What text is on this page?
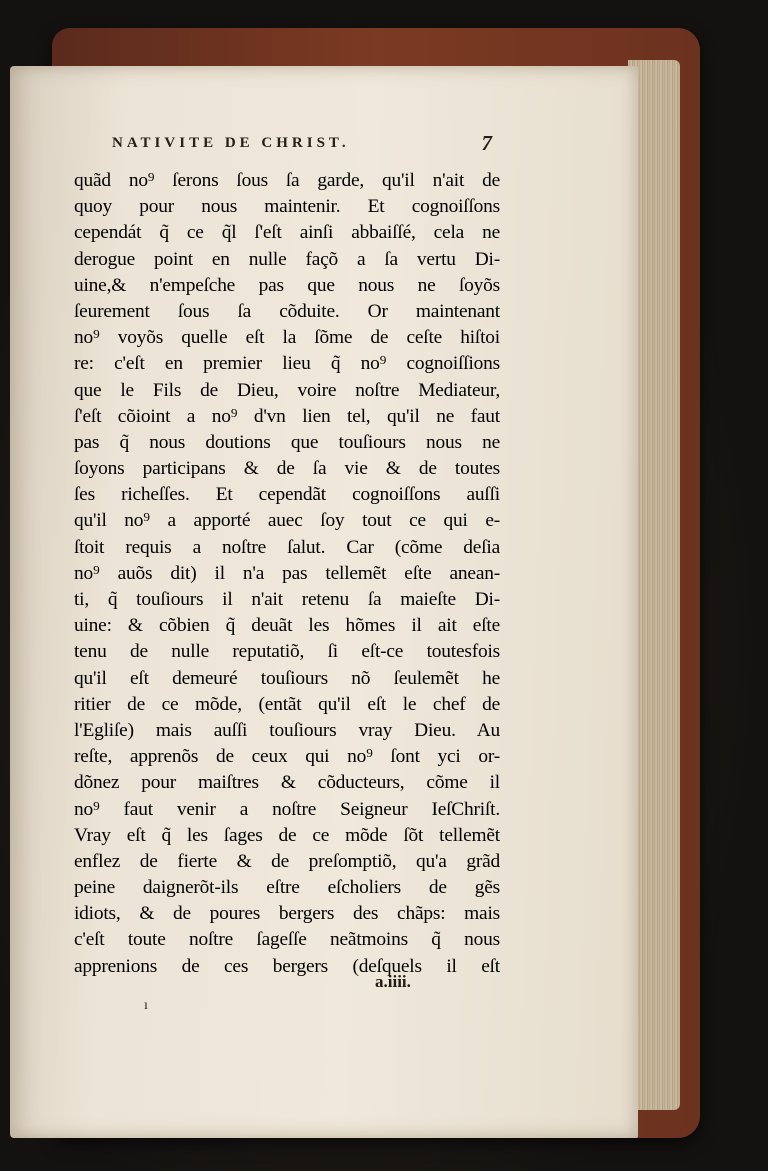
NATIVITE DE CHRIST.	7
quãd no⁹ ſerons ſous ſa garde, qu'il n'ait de
quoy pour nous maintenir. Et cognoiſſons
cependát q̃ ce q̃l ſ'eſt ainſi abbaiſſé, cela ne
derogue point en nulle façõ a ſa vertu Di-
uine,& n'empeſche pas que nous ne ſoyõs
ſeurement ſous ſa cõduite. Or maintenant
no⁹ voyõs quelle eſt la ſõme de ceſte hiſtoi
re: c'eſt en premier lieu q̃ no⁹ cognoiſſions
que le Fils de Dieu, voire noſtre Mediateur,
ſ'eſt cõioint a no⁹ d'vn lien tel, qu'il ne faut
pas q̃ nous doutions que touſiours nous ne
ſoyons participans & de ſa vie & de toutes
ſes richeſſes. Et cependãt cognoiſſons auſſi
qu'il no⁹ a apporté auec ſoy tout ce qui e-
ſtoit requis a noſtre ſalut. Car (cõme deſia
no⁹ auõs dit) il n'a pas tellemẽt eſte anean-
ti, q̃ touſiours il n'ait retenu ſa maieſte Di-
uine: & cõbien q̃ deuãt les hõmes il ait eſte
tenu de nulle reputatiõ, ſi eſt-ce toutesfois
qu'il eſt demeuré touſiours nõ ſeulemẽt he
ritier de ce mõde, (entãt qu'il eſt le chef de
l'Egliſe) mais auſſi touſiours vray Dieu. Au
reſte, apprenõs de ceux qui no⁹ ſont yci or-
dõnez pour maiſtres & cõducteurs, cõme il
no⁹ faut venir a noſtre Seigneur IeſChriſt.
Vray eſt q̃ les ſages de ce mõde ſõt tellemẽt
enflez de fierte & de preſomptiõ, qu'a grãd
peine daignerõt-ils eſtre eſcholiers de gẽs
idiots, & de poures bergers des chãps: mais
c'eſt toute noſtre ſageſſe neãtmoins q̃ nous
apprenions de ces bergers (deſquels il eſt
a.iiii.
ı
